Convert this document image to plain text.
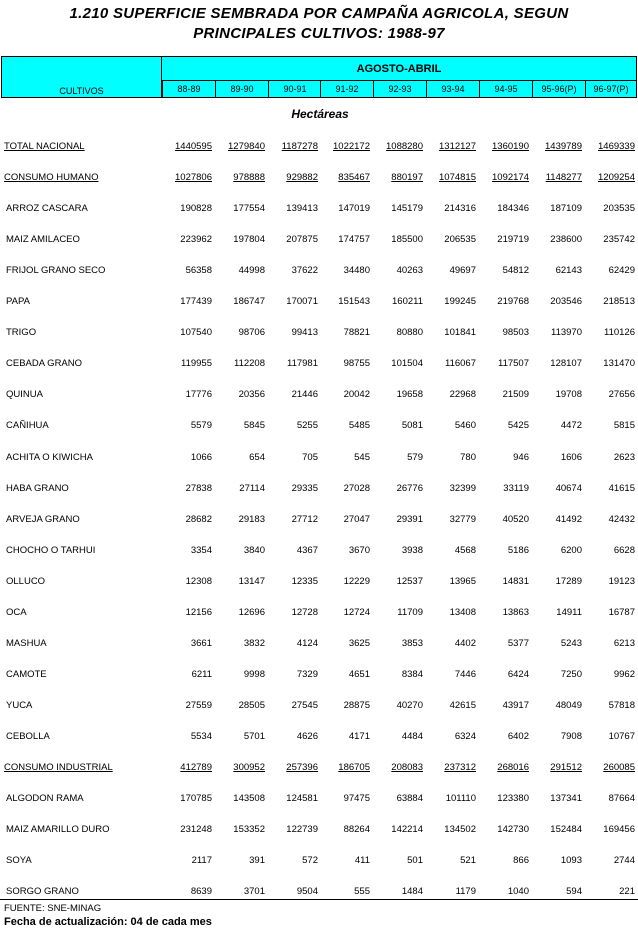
1.210 SUPERFICIE SEMBRADA POR CAMPAÑA AGRICOLA, SEGUN
PRINCIPALES CULTIVOS: 1988-97
CULTIVOS
AGOSTO-ABRIL
88-89	89-90	90-91	91-92	92-93	93-94	94-95	95-96(P)	96-97(P)
Hectáreas
TOTAL NACIONAL	1440595	1279840	1187278	1022172	1088280	1312127	1360190	1439789	1469339
CONSUMO HUMANO	1027806	978888	929882	835467	880197	1074815	1092174	1148277	1209254
ARROZ CASCARA	190828	177554	139413	147019	145179	214316	184346	187109	203535
MAIZ AMILACEO	223962	197804	207875	174757	185500	206535	219719	238600	235742
FRIJOL GRANO SECO	56358	44998	37622	34480	40263	49697	54812	62143	62429
PAPA	177439	186747	170071	151543	160211	199245	219768	203546	218513
TRIGO	107540	98706	99413	78821	80880	101841	98503	113970	110126
CEBADA GRANO	119955	112208	117981	98755	101504	116067	117507	128107	131470
QUINUA	17776	20356	21446	20042	19658	22968	21509	19708	27656
CAÑIHUA	5579	5845	5255	5485	5081	5460	5425	4472	5815
ACHITA O KIWICHA	1066	654	705	545	579	780	946	1606	2623
HABA GRANO	27838	27114	29335	27028	26776	32399	33119	40674	41615
ARVEJA GRANO	28682	29183	27712	27047	29391	32779	40520	41492	42432
CHOCHO O TARHUI	3354	3840	4367	3670	3938	4568	5186	6200	6628
OLLUCO	12308	13147	12335	12229	12537	13965	14831	17289	19123
OCA	12156	12696	12728	12724	11709	13408	13863	14911	16787
MASHUA	3661	3832	4124	3625	3853	4402	5377	5243	6213
CAMOTE	6211	9998	7329	4651	8384	7446	6424	7250	9962
YUCA	27559	28505	27545	28875	40270	42615	43917	48049	57818
CEBOLLA	5534	5701	4626	4171	4484	6324	6402	7908	10767
CONSUMO INDUSTRIAL	412789	300952	257396	186705	208083	237312	268016	291512	260085
ALGODON RAMA	170785	143508	124581	97475	63884	101110	123380	137341	87664
MAIZ AMARILLO DURO	231248	153352	122739	88264	142214	134502	142730	152484	169456
SOYA	2117	391	572	411	501	521	866	1093	2744
SORGO GRANO	8639	3701	9504	555	1484	1179	1040	594	221
FUENTE: SNE-MINAG
Fecha de actualización: 04 de cada mes
